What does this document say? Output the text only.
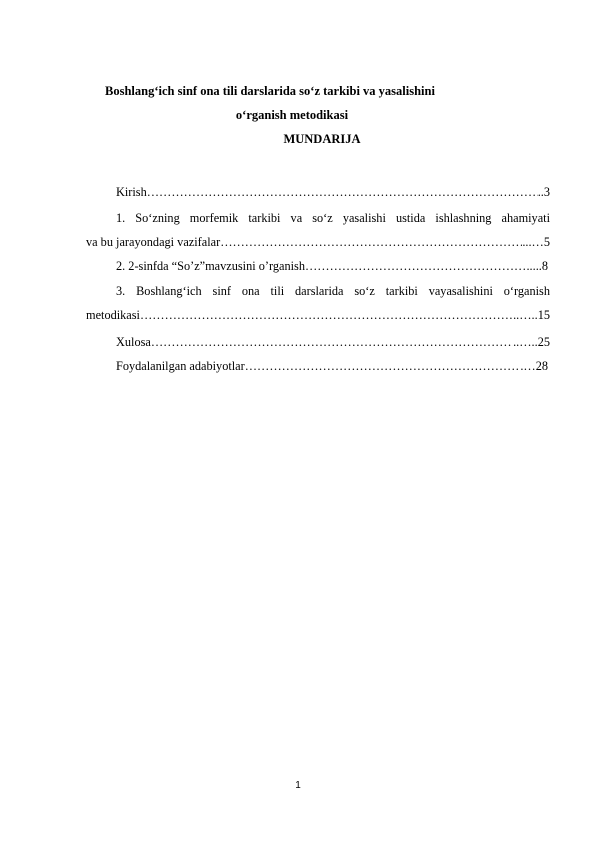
Boshlang‘ich sinf ona tili darslarida so‘z tarkibi va yasalishini
o‘rganish metodikasi
MUNDARIJA
Kirish ……………………………………………………………………………………………………………………………………………………………………………………	..3
1. So‘zning morfemik tarkibi va so‘z yasalishi ustida ishlashning ahamiyati
va bu jarayondagi vazifalar ……………………………………………………………………………………………………………………………………………………………………………………	...…5
2. 2-sinfda “So’z”mavzusini o’rganish ……………………………………………………………………………………………………………………………………………………………………………………	.....8
3. Boshlang‘ich sinf ona tili darslarida so‘z tarkibi vayasalishini o‘rganish
metodikasi ……………………………………………………………………………………………………………………………………………………………………………………	..…..15
Xulosa ……………………………………………………………………………………………………………………………………………………………………………………	..…..25
Foydalanilgan adabiyotlar ……………………………………………………………………………………………………………………………………………………………………………………	.…28
1
